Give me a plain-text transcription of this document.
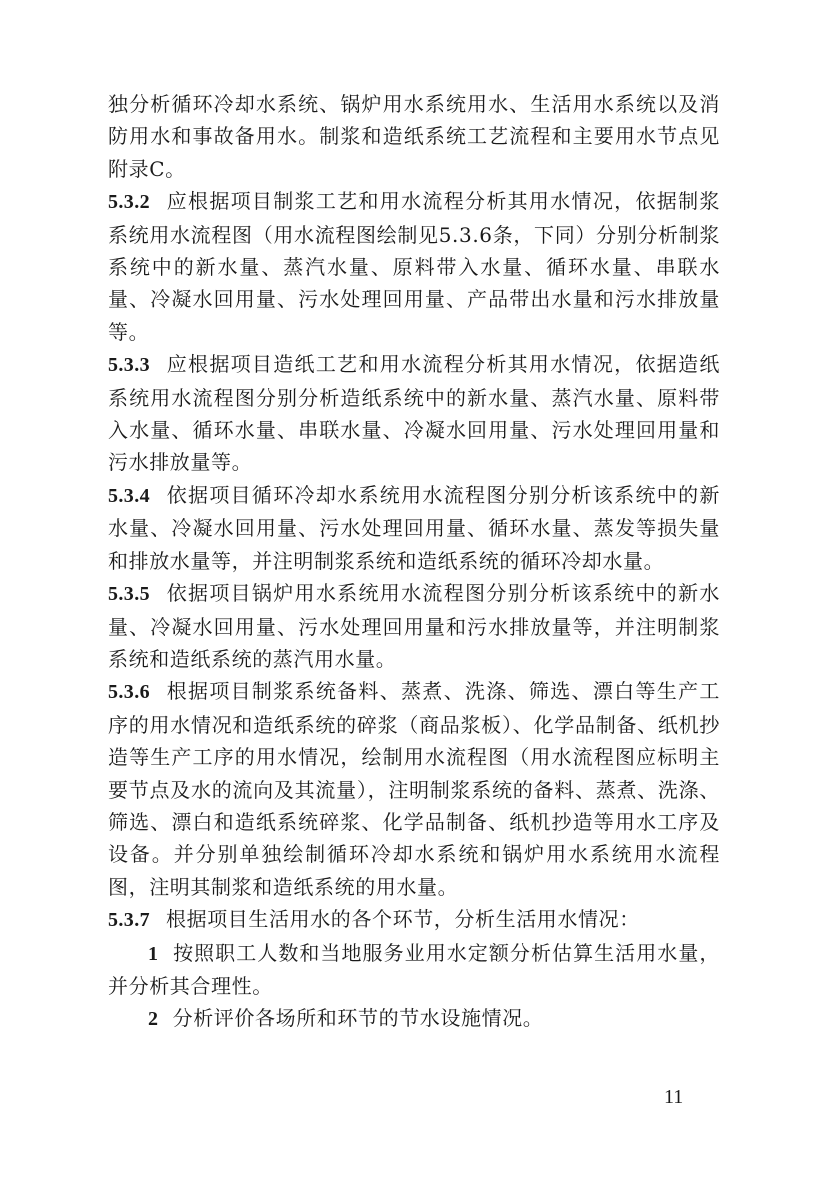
独分析循环冷却水系统、锅炉用水系统用水、生活用水系统以及消防用水和事故备用水。制浆和造纸系统工艺流程和主要用水节点见附录C。

5.3.2 应根据项目制浆工艺和用水流程分析其用水情况，依据制浆系统用水流程图（用水流程图绘制见5.3.6条，下同）分别分析制浆系统中的新水量、蒸汽水量、原料带入水量、循环水量、串联水量、冷凝水回用量、污水处理回用量、产品带出水量和污水排放量等。

5.3.3 应根据项目造纸工艺和用水流程分析其用水情况，依据造纸系统用水流程图分别分析造纸系统中的新水量、蒸汽水量、原料带入水量、循环水量、串联水量、冷凝水回用量、污水处理回用量和污水排放量等。

5.3.4 依据项目循环冷却水系统用水流程图分别分析该系统中的新水量、冷凝水回用量、污水处理回用量、循环水量、蒸发等损失量和排放水量等，并注明制浆系统和造纸系统的循环冷却水量。

5.3.5 依据项目锅炉用水系统用水流程图分别分析该系统中的新水量、冷凝水回用量、污水处理回用量和污水排放量等，并注明制浆系统和造纸系统的蒸汽用水量。

5.3.6 根据项目制浆系统备料、蒸煮、洗涤、筛选、漂白等生产工序的用水情况和造纸系统的碎浆（商品浆板）、化学品制备、纸机抄造等生产工序的用水情况，绘制用水流程图（用水流程图应标明主要节点及水的流向及其流量），注明制浆系统的备料、蒸煮、洗涤、筛选、漂白和造纸系统碎浆、化学品制备、纸机抄造等用水工序及设备。并分别单独绘制循环冷却水系统和锅炉用水系统用水流程图，注明其制浆和造纸系统的用水量。

5.3.7 根据项目生活用水的各个环节，分析生活用水情况：

1 按照职工人数和当地服务业用水定额分析估算生活用水量，并分析其合理性。

2 分析评价各场所和环节的节水设施情况。

11
